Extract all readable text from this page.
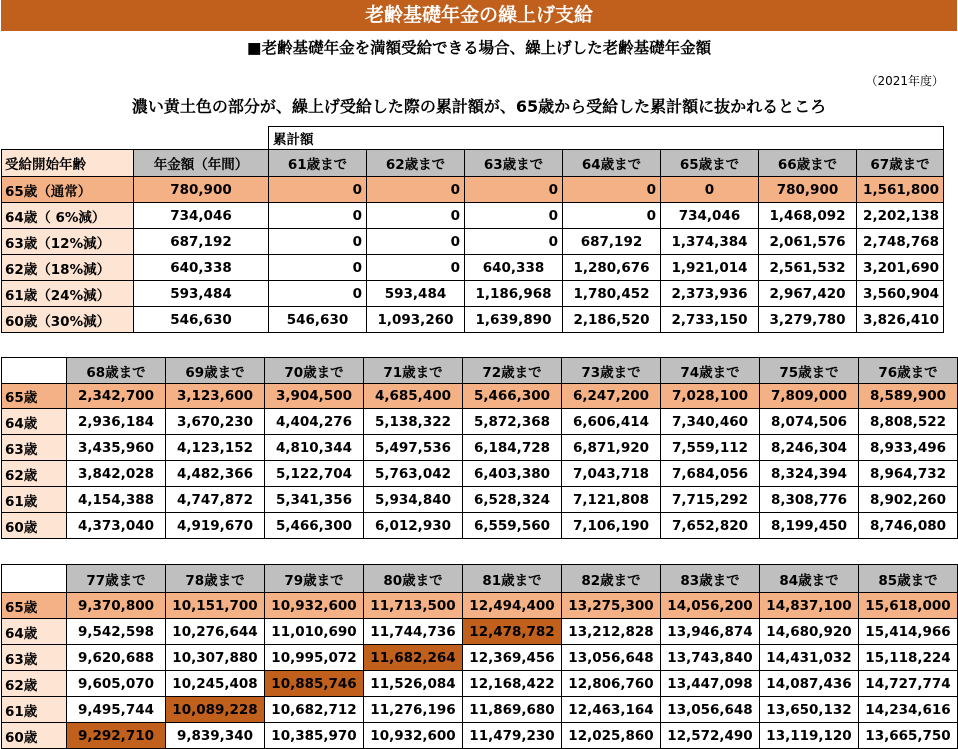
老齢基礎年金の繰上げ支給
■老齢基礎年金を満額受給できる場合、繰上げした老齢基礎年金額
（2021年度）
濃い黄土色の部分が、繰上げ受給した際の累計額が、65歳から受給した累計額に抜かれるところ
		累計額						
受給開始年齢	年金額（年間）	61歳まで	62歳まで	63歳まで	64歳まで	65歳まで	66歳まで	67歳まで
65歳（通常）	780,900	0	0	0	0	0	780,900	1,561,800
64歳（ 6%減）	734,046	0	0	0	0	734,046	1,468,092	2,202,138
63歳（12%減）	687,192	0	0	0	687,192	1,374,384	2,061,576	2,748,768
62歳（18%減）	640,338	0	0	640,338	1,280,676	1,921,014	2,561,532	3,201,690
61歳（24%減）	593,484	0	593,484	1,186,968	1,780,452	2,373,936	2,967,420	3,560,904
60歳（30%減）	546,630	546,630	1,093,260	1,639,890	2,186,520	2,733,150	3,279,780	3,826,410
	68歳まで	69歳まで	70歳まで	71歳まで	72歳まで	73歳まで	74歳まで	75歳まで	76歳まで
65歳	2,342,700	3,123,600	3,904,500	4,685,400	5,466,300	6,247,200	7,028,100	7,809,000	8,589,900
64歳	2,936,184	3,670,230	4,404,276	5,138,322	5,872,368	6,606,414	7,340,460	8,074,506	8,808,522
63歳	3,435,960	4,123,152	4,810,344	5,497,536	6,184,728	6,871,920	7,559,112	8,246,304	8,933,496
62歳	3,842,028	4,482,366	5,122,704	5,763,042	6,403,380	7,043,718	7,684,056	8,324,394	8,964,732
61歳	4,154,388	4,747,872	5,341,356	5,934,840	6,528,324	7,121,808	7,715,292	8,308,776	8,902,260
60歳	4,373,040	4,919,670	5,466,300	6,012,930	6,559,560	7,106,190	7,652,820	8,199,450	8,746,080
	77歳まで	78歳まで	79歳まで	80歳まで	81歳まで	82歳まで	83歳まで	84歳まで	85歳まで
65歳	9,370,800	10,151,700	10,932,600	11,713,500	12,494,400	13,275,300	14,056,200	14,837,100	15,618,000
64歳	9,542,598	10,276,644	11,010,690	11,744,736	12,478,782	13,212,828	13,946,874	14,680,920	15,414,966
63歳	9,620,688	10,307,880	10,995,072	11,682,264	12,369,456	13,056,648	13,743,840	14,431,032	15,118,224
62歳	9,605,070	10,245,408	10,885,746	11,526,084	12,168,422	12,806,760	13,447,098	14,087,436	14,727,774
61歳	9,495,744	10,089,228	10,682,712	11,276,196	11,869,680	12,463,164	13,056,648	13,650,132	14,234,616
60歳	9,292,710	9,839,340	10,385,970	10,932,600	11,479,230	12,025,860	12,572,490	13,119,120	13,665,750
